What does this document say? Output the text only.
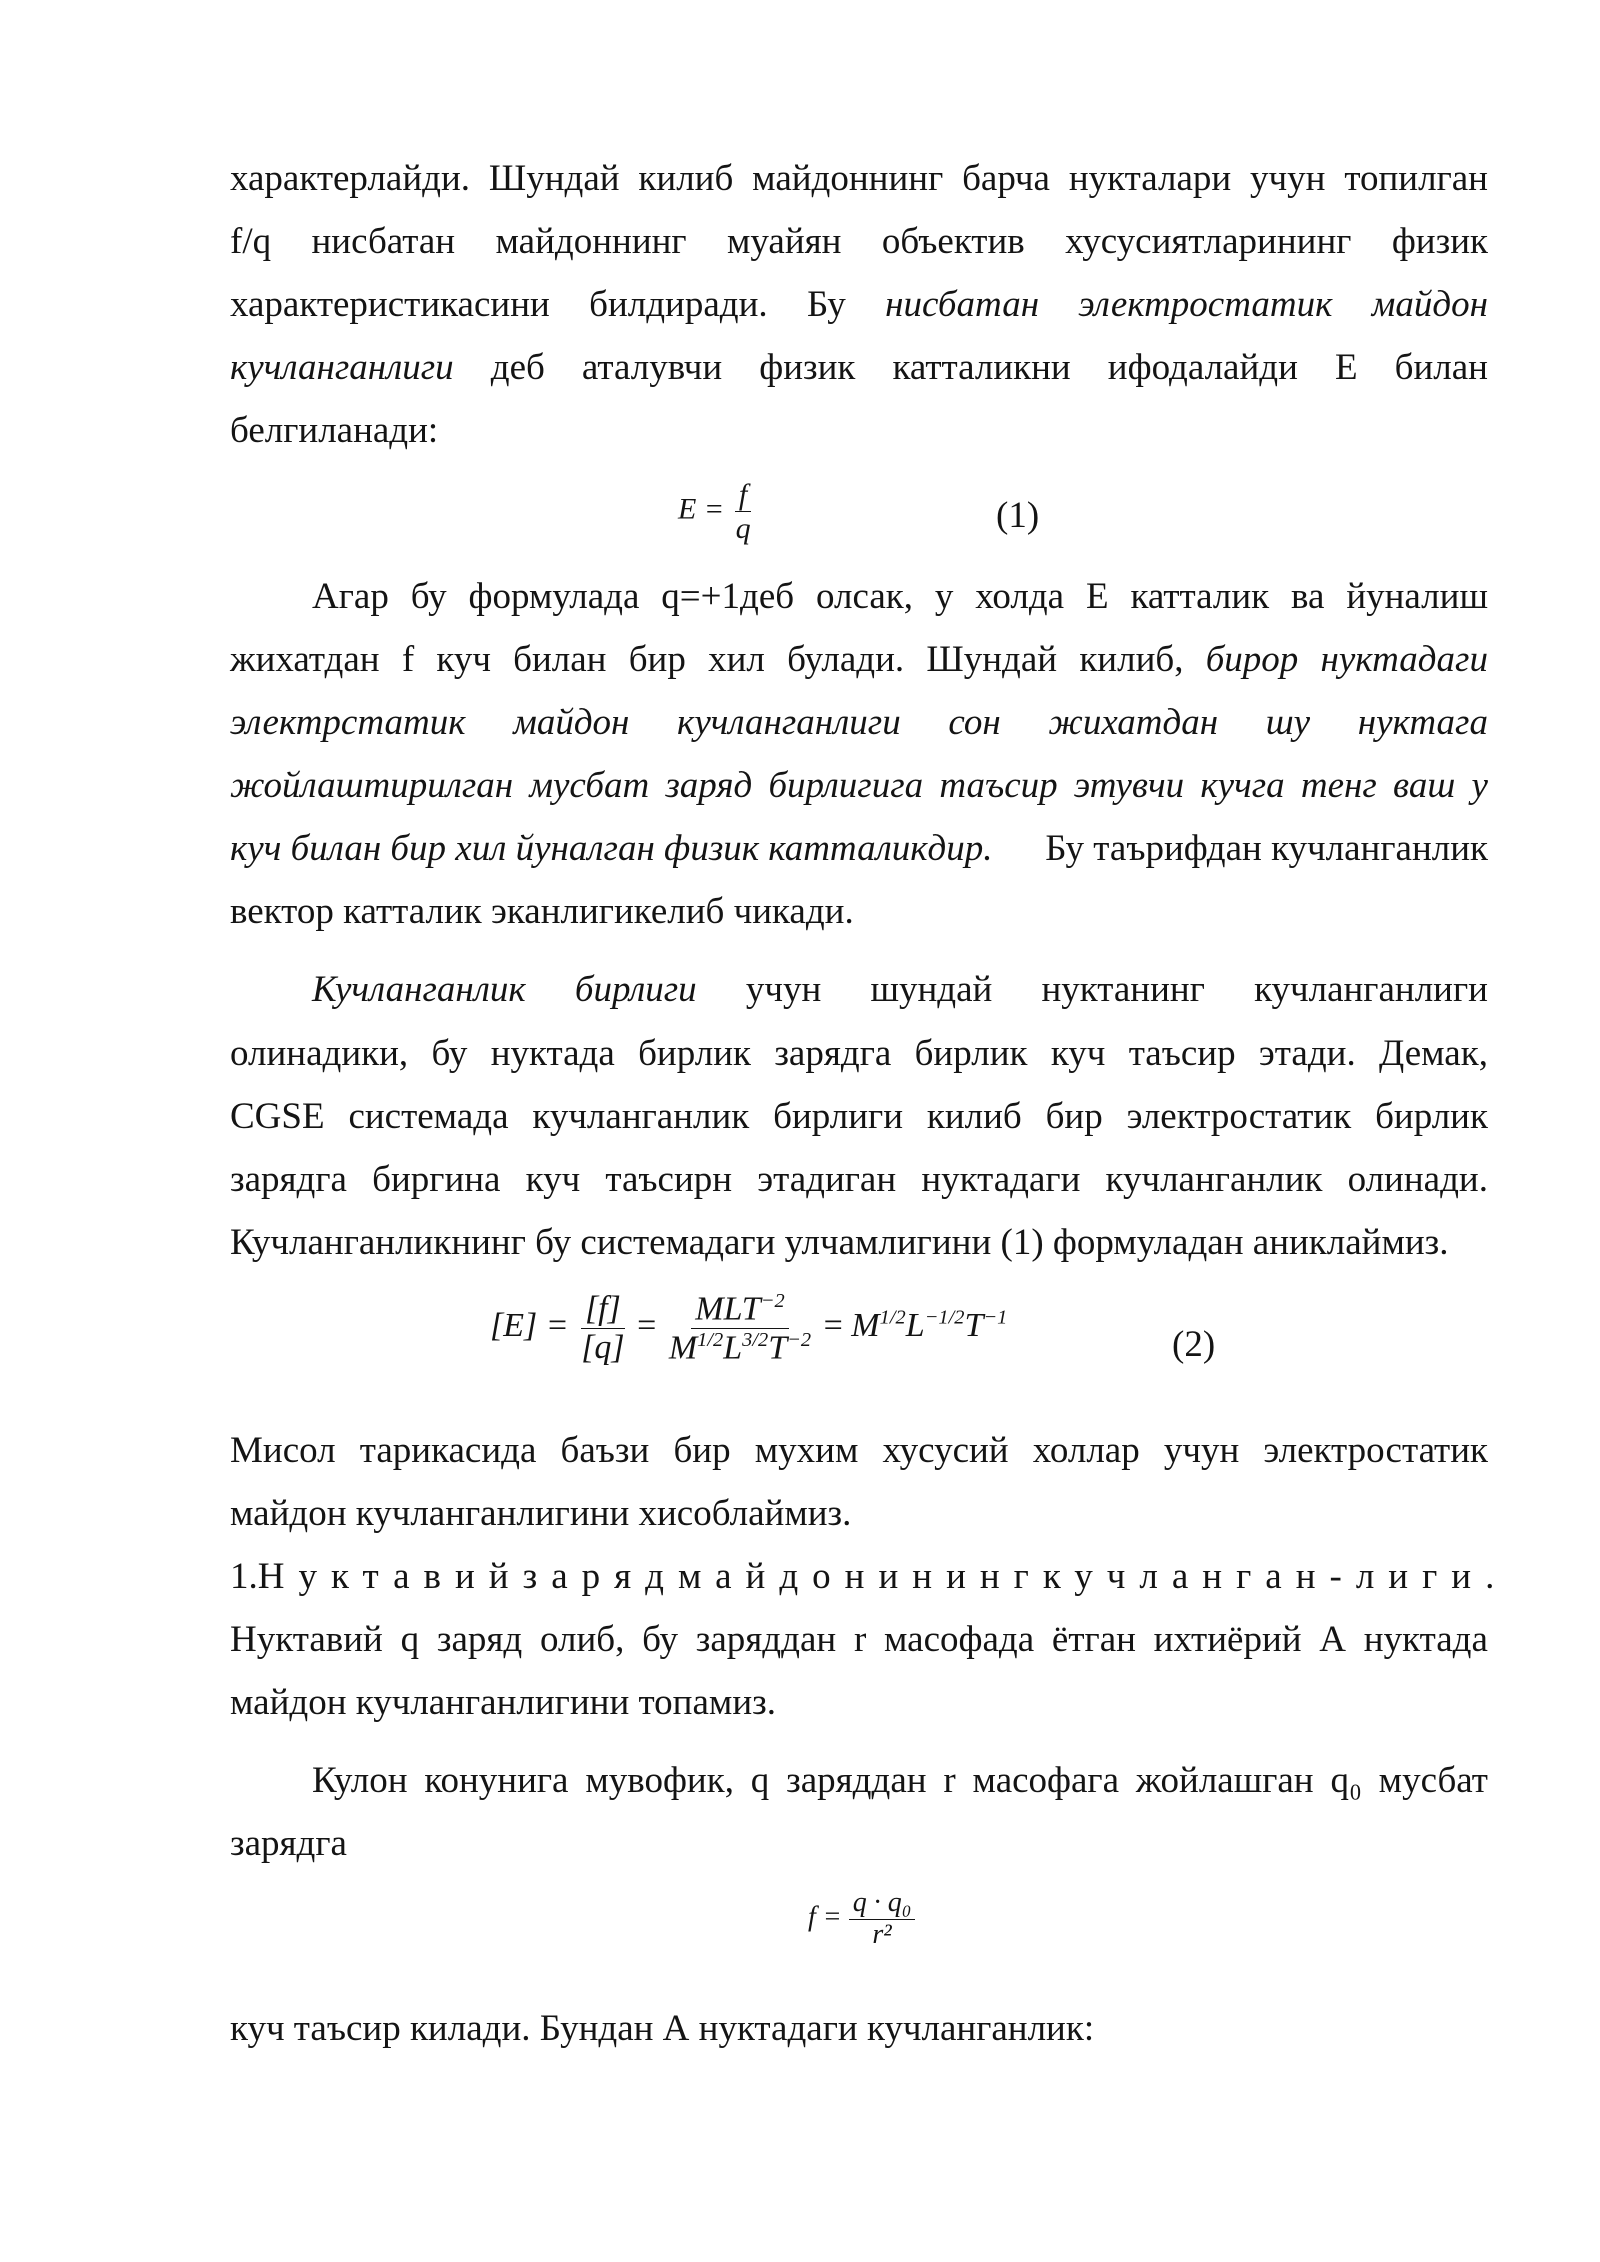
характерлайди. Шундай килиб майдоннинг барча нукталари учун топилган
f/q нисбатан майдоннинг муайян объектив хусусиятларининг физик
характеристикасини билдиради. Бу нисбатан электростатик майдон
кучланганлиги деб аталувчи физик катталикни ифодалайди Е билан
белгиланади:
$E = \frac{f}{q}$	(1)
Агар бу формулада q=+1деб олсак, у холда Е катталик ва йуналиш
жихатдан f куч билан бир хил булади. Шундай килиб, бирор нуктадаги
электрстатик майдон кучланганлиги сон жихатдан шу нуктага
жойлаштирилган мусбат заряд бирлигига таъсир этувчи кучга тенг ваш у
куч билан бир хил йуналган физик катталикдир. Бу таърифдан кучланганлик
вектор катталик эканлигикелиб чикади.
Кучланганлик бирлиги учун шундай нуктанинг кучланганлиги
олинадики, бу нуктада бирлик зарядга бирлик куч таъсир этади. Демак,
CGSE системада кучланганлик бирлиги килиб бир электростатик бирлик
зарядга биргина куч таъсирн этадиган нуктадаги кучланганлик олинади.
Кучланганликнинг бу системадаги улчамлигини (1) формуладан аниклаймиз.
$[E] = \frac{[f]}{[q]} = \frac{MLT^{-2}}{M^{1/2}L^{3/2}T^{-2}} = M^{1/2}L^{-1/2}T^{-1}$
(2)
Мисол тарикасида баъзи бир мухим хусусий холлар учун электростатик
майдон кучланганлигини хисоблаймиз.
1. Нуктавий заряд майдонининг кучланган- лиги.
Нуктавий q заряд олиб, бу заряддан r масофада ётган ихтиёрий А нуктада
майдон кучланганлигини топамиз.
Кулон конунига мувофик, q заряддан r масофага жойлашган q₀ мусбат
зарядга
$f = \frac{\text{q · q₀}}{\text{r²}}$
куч таъсир килади. Бундан А нуктадаги кучланганлик:
